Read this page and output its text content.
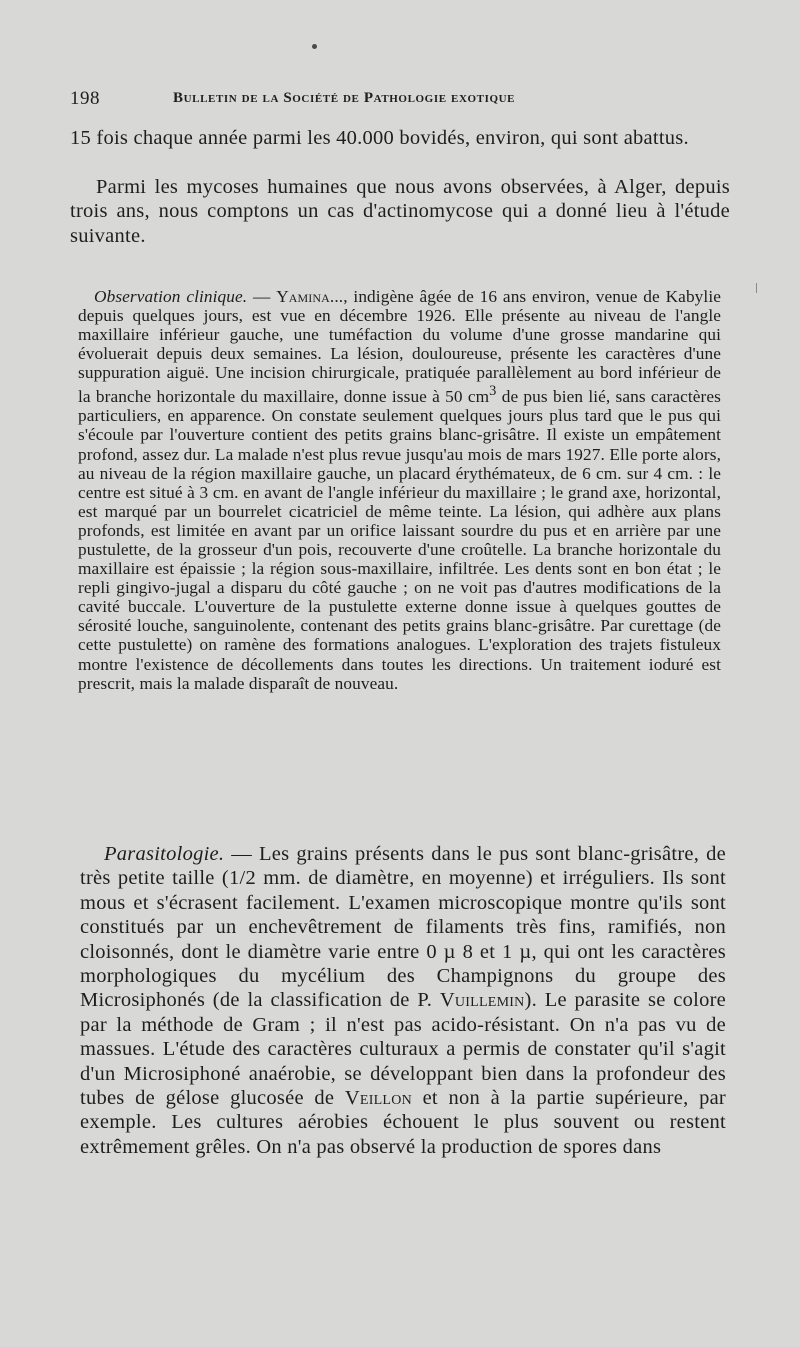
198	Bulletin de la Société de Pathologie exotique

15 fois chaque année parmi les 40.000 bovidés, environ, qui sont abattus.

Parmi les mycoses humaines que nous avons observées, à Alger, depuis trois ans, nous comptons un cas d'actinomycose qui a donné lieu à l'étude suivante.

Observation clinique. — Yamina..., indigène âgée de 16 ans environ, venue de Kabylie depuis quelques jours, est vue en décembre 1926. Elle présente au niveau de l'angle maxillaire inférieur gauche, une tuméfaction du volume d'une grosse mandarine qui évoluerait depuis deux semaines. La lésion, douloureuse, présente les caractères d'une suppuration aiguë. Une incision chirurgicale, pratiquée parallèlement au bord inférieur de la branche horizontale du maxillaire, donne issue à 50 $cm^3$ de pus bien lié, sans caractères particuliers, en apparence. On constate seulement quelques jours plus tard que le pus qui s'écoule par l'ouverture contient des petits grains blanc-grisâtre. Il existe un empâtement profond, assez dur. La malade n'est plus revue jusqu'au mois de mars 1927. Elle porte alors, au niveau de la région maxillaire gauche, un placard érythémateux, de 6 cm. sur 4 cm. : le centre est situé à 3 cm. en avant de l'angle inférieur du maxillaire ; le grand axe, horizontal, est marqué par un bourrelet cicatriciel de même teinte. La lésion, qui adhère aux plans profonds, est limitée en avant par un orifice laissant sourdre du pus et en arrière par une pustulette, de la grosseur d'un pois, recouverte d'une croûtelle. La branche horizontale du maxillaire est épaissie ; la région sous-maxillaire, infiltrée. Les dents sont en bon état ; le repli gingivo-jugal a disparu du côté gauche ; on ne voit pas d'autres modifications de la cavité buccale. L'ouverture de la pustulette externe donne issue à quelques gouttes de sérosité louche, sanguinolente, contenant des petits grains blanc-grisâtre. Par curettage (de cette pustulette) on ramène des formations analogues. L'exploration des trajets fistuleux montre l'existence de décollements dans toutes les directions. Un traitement ioduré est prescrit, mais la malade disparaît de nouveau.

Parasitologie. — Les grains présents dans le pus sont blanc-grisâtre, de très petite taille (1/2 mm. de diamètre, en moyenne) et irréguliers. Ils sont mous et s'écrasent facilement. L'examen microscopique montre qu'ils sont constitués par un enchevêtrement de filaments très fins, ramifiés, non cloisonnés, dont le diamètre varie entre 0 µ 8 et 1 µ, qui ont les caractères morphologiques du mycélium des Champignons du groupe des Microsiphonés (de la classification de P. Vuillemin). Le parasite se colore par la méthode de Gram ; il n'est pas acido-résistant. On n'a pas vu de massues. L'étude des caractères culturaux a permis de constater qu'il s'agit d'un Microsiphoné anaérobie, se développant bien dans la profondeur des tubes de gélose glucosée de Veillon et non à la partie supérieure, par exemple. Les cultures aérobies échouent le plus souvent ou restent extrêmement grêles. On n'a pas observé la production de spores dans
